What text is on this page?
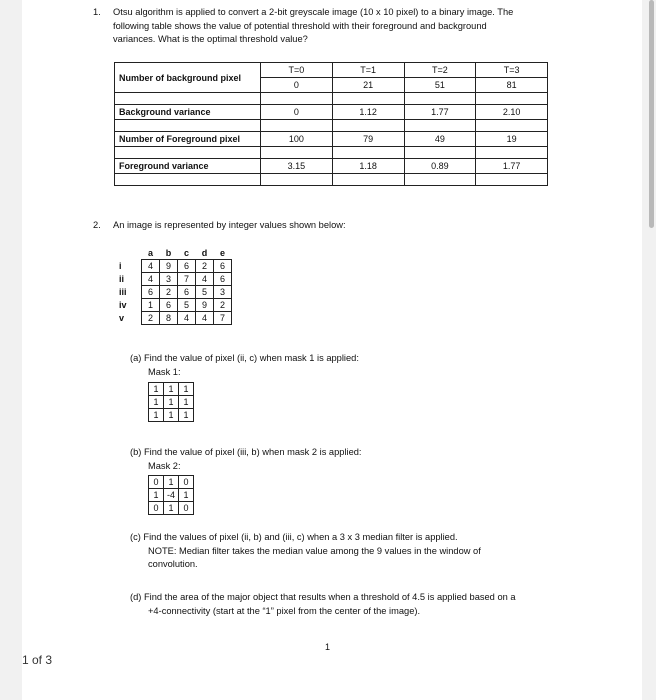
1 of 3
1. Otsu algorithm is applied to convert a 2-bit greyscale image (10 x 10 pixel) to a binary image. The
following table shows the value of potential threshold with their foreground and background
variances. What is the optimal threshold value?
Number of background pixel	T=0	T=1	T=2	T=3
	0	21	51	81

Background variance	0	1.12	1.77	2.10

Number of Foreground pixel	100	79	49	19

Foreground variance	3.15	1.18	0.89	1.77

2. An image is represented by integer values shown below:
	a	b	c	d	e
i	4	9	6	2	6
ii	4	3	7	4	6
iii	6	2	6	5	3
iv	1	6	5	9	2
v	2	8	4	4	7
(a) Find the value of pixel (ii, c) when mask 1 is applied:
Mask 1:
1	1	1
1	1	1
1	1	1
(b) Find the value of pixel (iii, b) when mask 2 is applied:
Mask 2:
0	1	0
1	-4	1
0	1	0
(c) Find the values of pixel (ii, b) and (iii, c) when a 3 x 3 median filter is applied.
NOTE: Median filter takes the median value among the 9 values in the window of
convolution.
(d) Find the area of the major object that results when a threshold of 4.5 is applied based on a
+4-connectivity (start at the “1” pixel from the center of the image).
1
